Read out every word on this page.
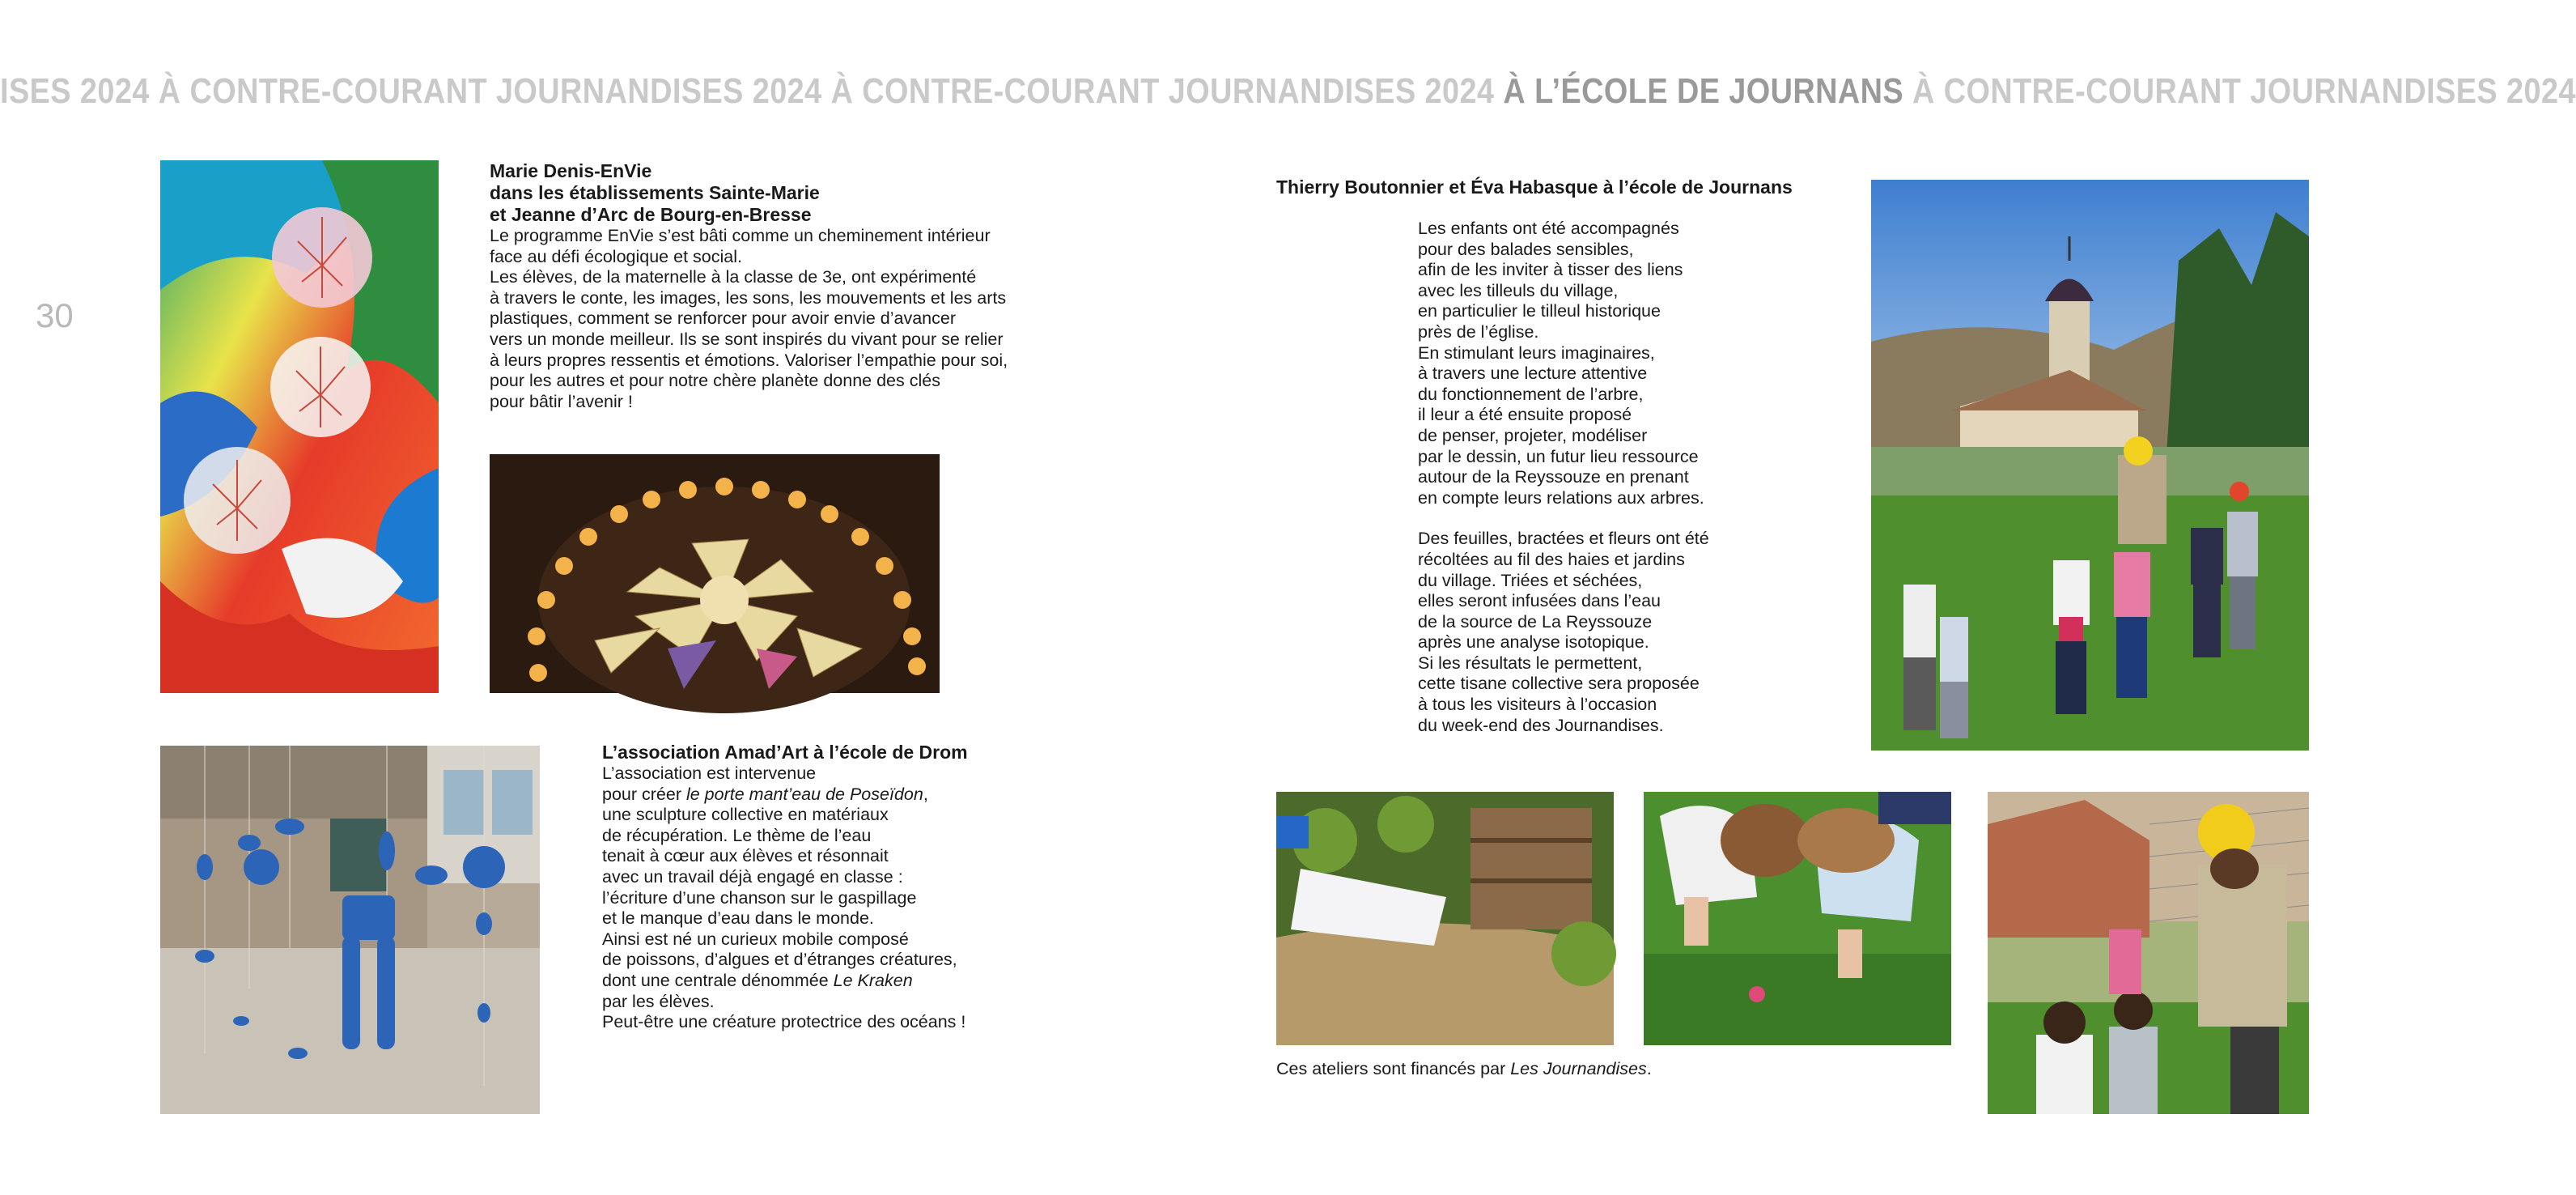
ISES 2024 À CONTRE-COURANT JOURNANDISES 2024 À CONTRE-COURANT JOURNANDISES 2024 À L’ÉCOLE DE JOURNANS À CONTRE-COURANT JOURNANDISES 2024
30
Marie Denis-EnVie
dans les établissements Sainte-Marie
et Jeanne d’Arc de Bourg-en-Bresse
Le programme EnVie s’est bâti comme un cheminement intérieur
face au défi écologique et social.
Les élèves, de la maternelle à la classe de 3e, ont expérimenté
à travers le conte, les images, les sons, les mouvements et les arts
plastiques, comment se renforcer pour avoir envie d’avancer
vers un monde meilleur. Ils se sont inspirés du vivant pour se relier
à leurs propres ressentis et émotions. Valoriser l’empathie pour soi,
pour les autres et pour notre chère planète donne des clés
pour bâtir l’avenir !
L’association Amad’Art à l’école de Drom
L’association est intervenue
pour créer le porte mant’eau de Poseïdon,
une sculpture collective en matériaux
de récupération. Le thème de l’eau
tenait à cœur aux élèves et résonnait
avec un travail déjà engagé en classe :
l’écriture d’une chanson sur le gaspillage
et le manque d’eau dans le monde.
Ainsi est né un curieux mobile composé
de poissons, d’algues et d’étranges créatures,
dont une centrale dénommée Le Kraken
par les élèves.
Peut-être une créature protectrice des océans !
Thierry Boutonnier et Éva Habasque à l’école de Journans
Les enfants ont été accompagnés
pour des balades sensibles,
afin de les inviter à tisser des liens
avec les tilleuls du village,
en particulier le tilleul historique
près de l’église.
En stimulant leurs imaginaires,
à travers une lecture attentive
du fonctionnement de l’arbre,
il leur a été ensuite proposé
de penser, projeter, modéliser
par le dessin, un futur lieu ressource
autour de la Reyssouze en prenant
en compte leurs relations aux arbres.
Des feuilles, bractées et fleurs ont été
récoltées au fil des haies et jardins
du village. Triées et séchées,
elles seront infusées dans l’eau
de la source de La Reyssouze
après une analyse isotopique.
Si les résultats le permettent,
cette tisane collective sera proposée
à tous les visiteurs à l’occasion
du week-end des Journandises.
Ces ateliers sont financés par Les Journandises.
